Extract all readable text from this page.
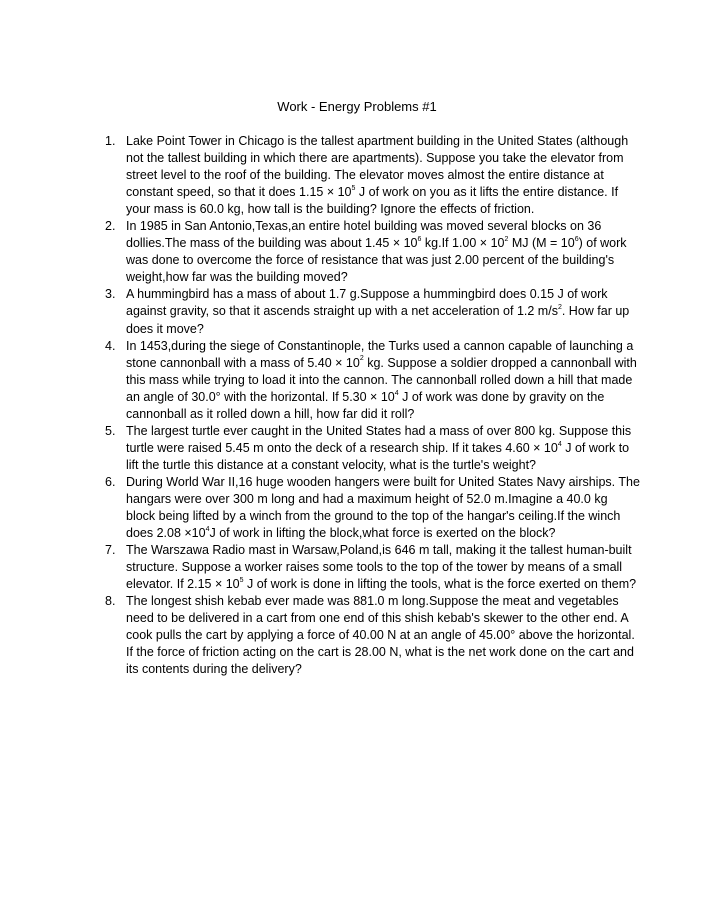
Work - Energy Problems #1
1. Lake Point Tower in Chicago is the tallest apartment building in the United States (although not the tallest building in which there are apartments). Suppose you take the elevator from street level to the roof of the building. The elevator moves almost the entire distance at constant speed, so that it does $1.15 \times 10^5$ J of work on you as it lifts the entire distance. If your mass is 60.0 kg, how tall is the building? Ignore the effects of friction.
2. In 1985 in San Antonio,Texas,an entire hotel building was moved several blocks on 36 dollies.The mass of the building was about $1.45 \times 10^6$ kg.If $1.00 \times 10^2$ MJ $(M = 10^6)$ of work was done to overcome the force of resistance that was just 2.00 percent of the building's weight,how far was the building moved?
3. A hummingbird has a mass of about 1.7 g.Suppose a hummingbird does 0.15 J of work against gravity, so that it ascends straight up with a net acceleration of 1.2 $m/s^2$. How far up does it move?
4. In 1453,during the siege of Constantinople, the Turks used a cannon capable of launching a stone cannonball with a mass of $5.40 \times 10^2$ kg. Suppose a soldier dropped a cannonball with this mass while trying to load it into the cannon. The cannonball rolled down a hill that made an angle of 30.0° with the horizontal. If $5.30 \times 10^4$ J of work was done by gravity on the cannonball as it rolled down a hill, how far did it roll?
5. The largest turtle ever caught in the United States had a mass of over 800 kg. Suppose this turtle were raised 5.45 m onto the deck of a research ship. If it takes $4.60 \times 10^4$ J of work to lift the turtle this distance at a constant velocity, what is the turtle's weight?
6. During World War II,16 huge wooden hangers were built for United States Navy airships. The hangars were over 300 m long and had a maximum height of 52.0 m.Imagine a 40.0 kg block being lifted by a winch from the ground to the top of the hangar's ceiling.If the winch does $2.08 \times 10^4J$ of work in lifting the block,what force is exerted on the block?
7. The Warszawa Radio mast in Warsaw,Poland,is 646 m tall, making it the tallest human-built structure. Suppose a worker raises some tools to the top of the tower by means of a small elevator. If $2.15 \times 10^5$ J of work is done in lifting the tools, what is the force exerted on them?
8. The longest shish kebab ever made was 881.0 m long.Suppose the meat and vegetables need to be delivered in a cart from one end of this shish kebab's skewer to the other end. A cook pulls the cart by applying a force of 40.00 N at an angle of 45.00° above the horizontal. If the force of friction acting on the cart is 28.00 N, what is the net work done on the cart and its contents during the delivery?
